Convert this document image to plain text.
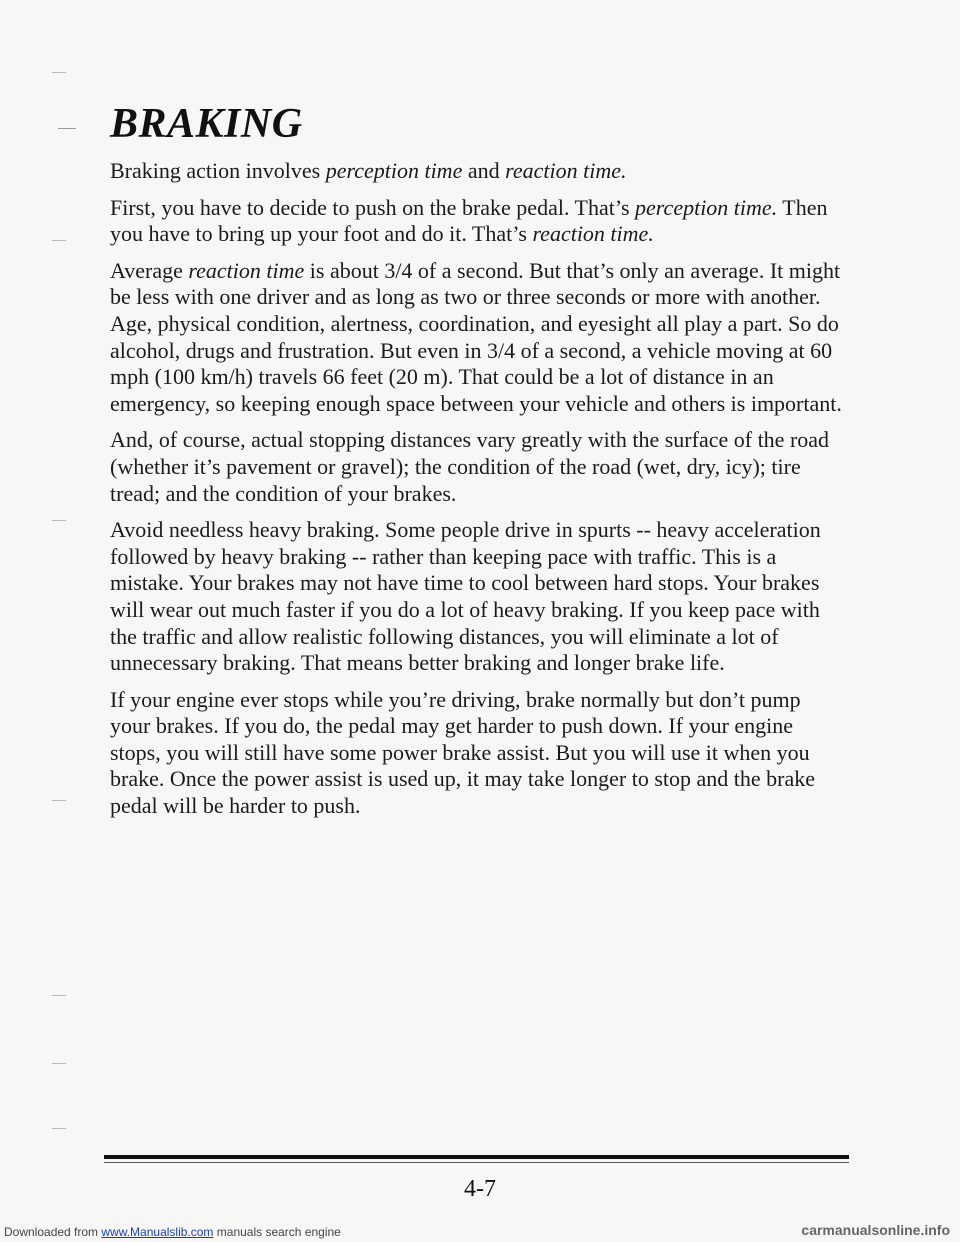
BRAKING

Braking action involves perception time and reaction time.

First, you have to decide to push on the brake pedal. That’s perception time. Then you have to bring up your foot and do it. That’s reaction time.

Average reaction time is about 3/4 of a second. But that’s only an average. It might be less with one driver and as long as two or three seconds or more with another. Age, physical condition, alertness, coordination, and eyesight all play a part. So do alcohol, drugs and frustration. But even in 3/4 of a second, a vehicle moving at 60 mph (100 km/h) travels 66 feet (20 m). That could be a lot of distance in an emergency, so keeping enough space between your vehicle and others is important.

And, of course, actual stopping distances vary greatly with the surface of the road (whether it’s pavement or gravel); the condition of the road (wet, dry, icy); tire tread; and the condition of your brakes.

Avoid needless heavy braking. Some people drive in spurts -- heavy acceleration followed by heavy braking -- rather than keeping pace with traffic. This is a mistake. Your brakes may not have time to cool between hard stops. Your brakes will wear out much faster if you do a lot of heavy braking. If you keep pace with the traffic and allow realistic following distances, you will eliminate a lot of unnecessary braking. That means better braking and longer brake life.

If your engine ever stops while you’re driving, brake normally but don’t pump your brakes. If you do, the pedal may get harder to push down. If your engine stops, you will still have some power brake assist. But you will use it when you brake. Once the power assist is used up, it may take longer to stop and the brake pedal will be harder to push.

4-7
Downloaded from www.Manualslib.com manuals search engine	carmanualsonline.info
